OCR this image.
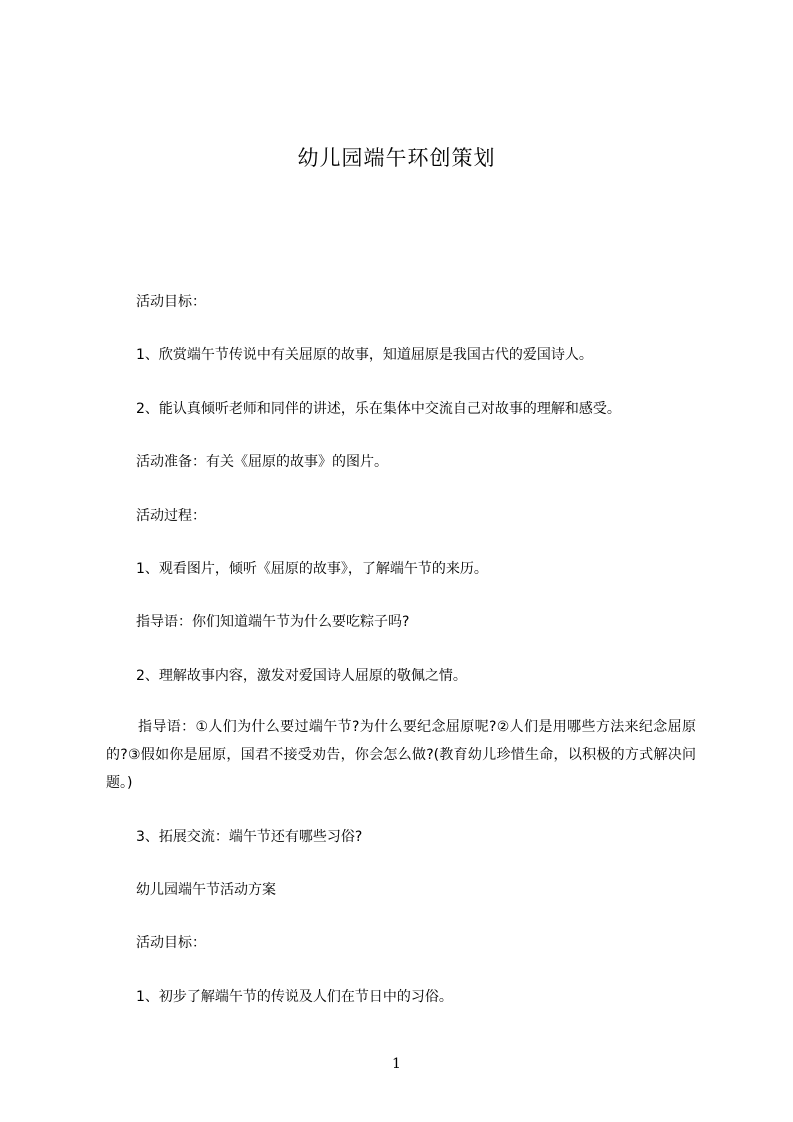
幼儿园端午环创策划
活动目标：
1、欣赏端午节传说中有关屈原的故事，知道屈原是我国古代的爱国诗人。
2、能认真倾听老师和同伴的讲述，乐在集体中交流自己对故事的理解和感受。
活动准备：有关《屈原的故事》的图片。
活动过程：
1、观看图片，倾听《屈原的故事》，了解端午节的来历。
指导语：你们知道端午节为什么要吃粽子吗?
2、理解故事内容，激发对爱国诗人屈原的敬佩之情。
指导语：①人们为什么要过端午节?为什么要纪念屈原呢?②人们是用哪些方法来纪念屈原的?③假如你是屈原，国君不接受劝告，你会怎么做?(教育幼儿珍惜生命，以积极的方式解决问题。)
3、拓展交流：端午节还有哪些习俗?
幼儿园端午节活动方案
活动目标：
1、初步了解端午节的传说及人们在节日中的习俗。
1
